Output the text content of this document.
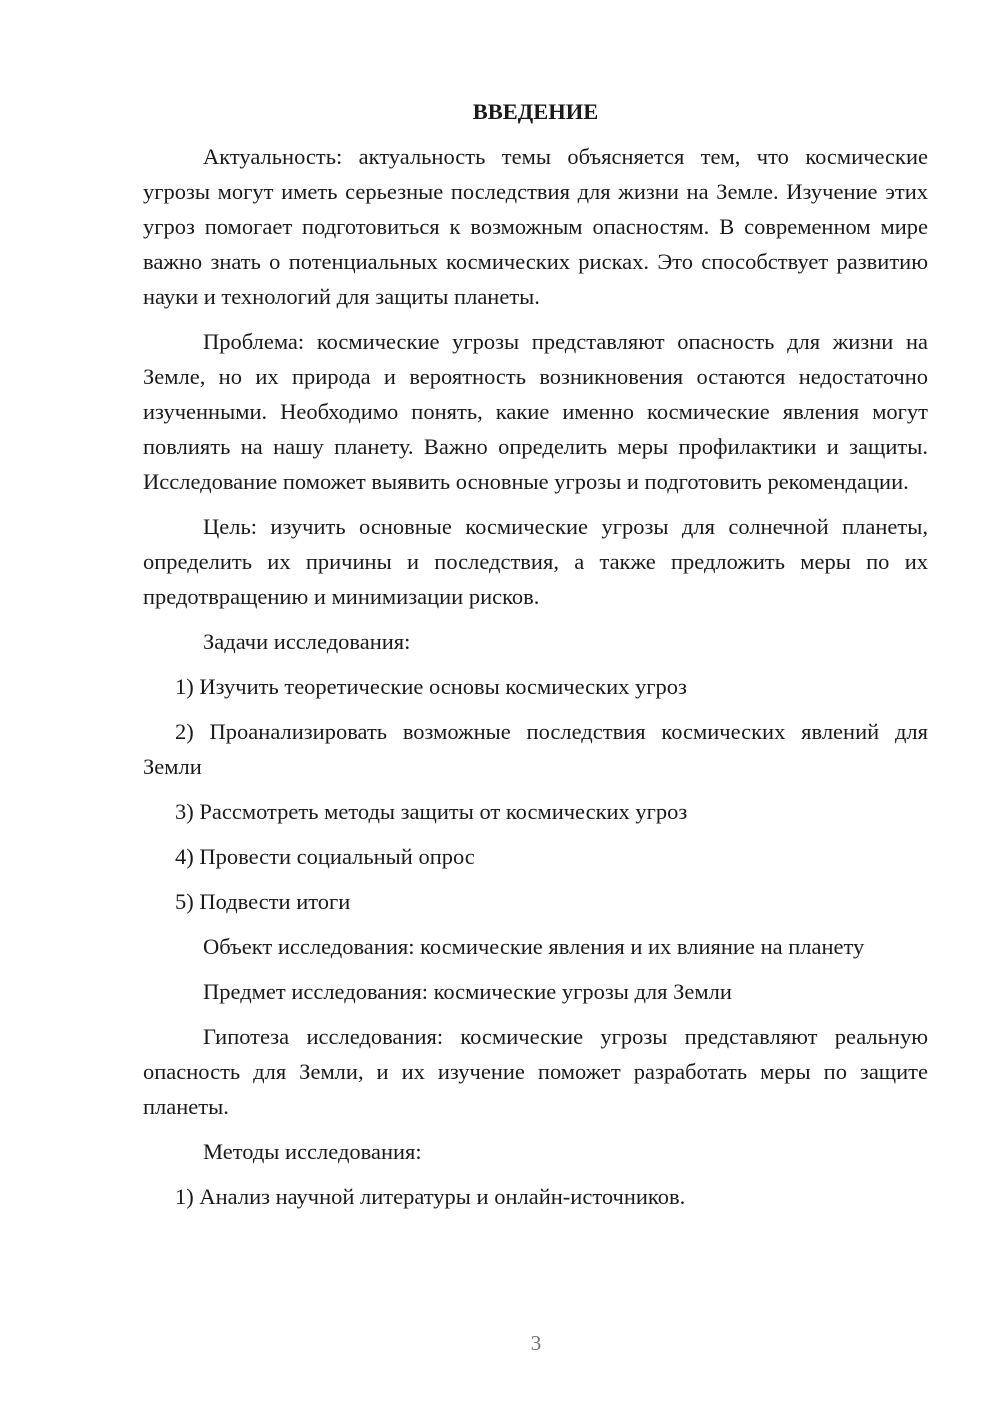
ВВЕДЕНИЕ
Актуальность: актуальность темы объясняется тем, что космические угрозы могут иметь серьезные последствия для жизни на Земле. Изучение этих угроз помогает подготовиться к возможным опасностям. В современном мире важно знать о потенциальных космических рисках. Это способствует развитию науки и технологий для защиты планеты.
Проблема: космические угрозы представляют опасность для жизни на Земле, но их природа и вероятность возникновения остаются недостаточно изученными. Необходимо понять, какие именно космические явления могут повлиять на нашу планету. Важно определить меры профилактики и защиты. Исследование поможет выявить основные угрозы и подготовить рекомендации.
Цель: изучить основные космические угрозы для солнечной планеты, определить их причины и последствия, а также предложить меры по их предотвращению и минимизации рисков.
Задачи исследования:
1) Изучить теоретические основы космических угроз
2) Проанализировать возможные последствия космических явлений для Земли
3) Рассмотреть методы защиты от космических угроз
4) Провести социальный опрос
5) Подвести итоги
Объект исследования: космические явления и их влияние на планету
Предмет исследования: космические угрозы для Земли
Гипотеза исследования: космические угрозы представляют реальную опасность для Земли, и их изучение поможет разработать меры по защите планеты.
Методы исследования:
1) Анализ научной литературы и онлайн-источников.
3
